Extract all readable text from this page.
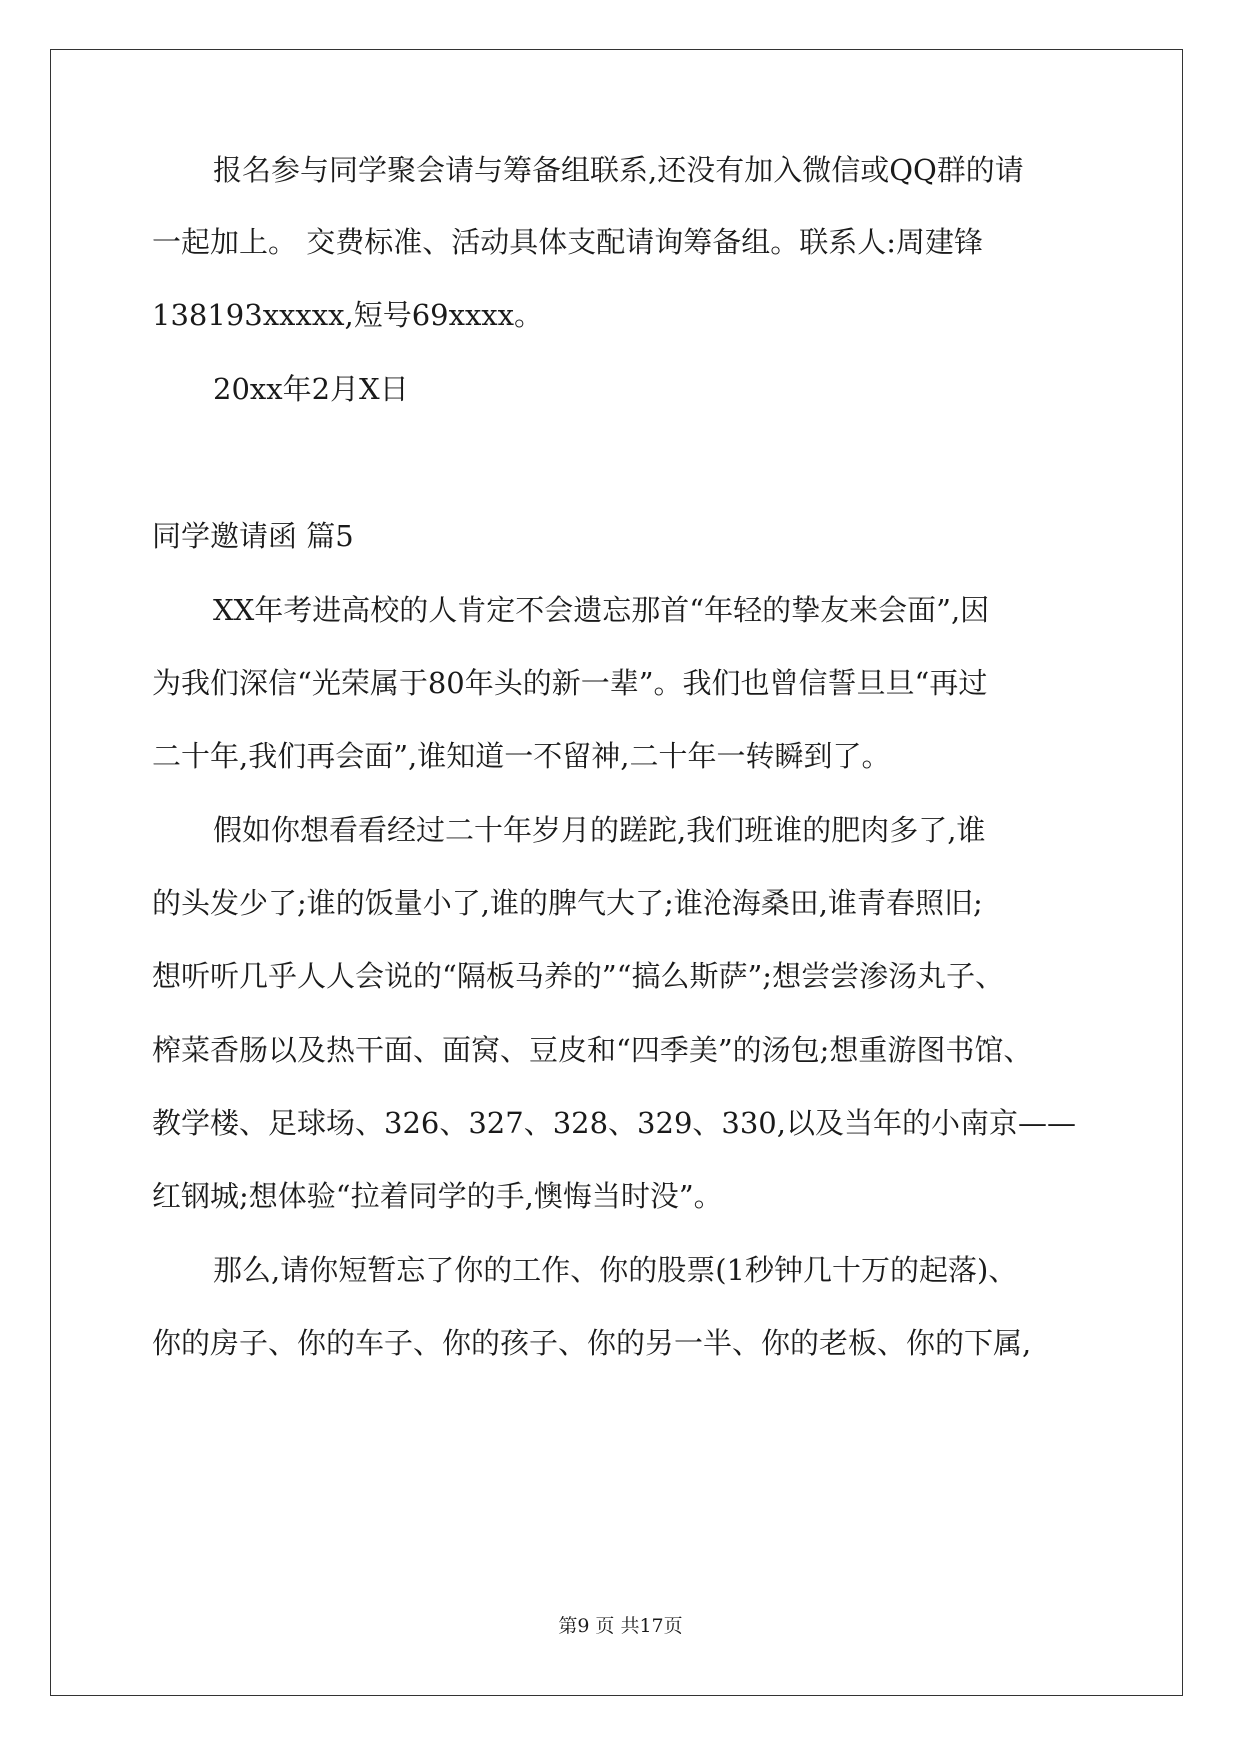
报名参与同学聚会请与筹备组联系,还没有加入微信或QQ群的请
一起加上。 交费标准、活动具体支配请询筹备组。联系人:周建锋
138193xxxxx,短号69xxxx。
20xx年2月X日
同学邀请函 篇5
XX年考进高校的人肯定不会遗忘那首“年轻的挚友来会面”,因
为我们深信“光荣属于80年头的新一辈”。我们也曾信誓旦旦“再过
二十年,我们再会面”,谁知道一不留神,二十年一转瞬到了。
假如你想看看经过二十年岁月的蹉跎,我们班谁的肥肉多了,谁
的头发少了;谁的饭量小了,谁的脾气大了;谁沧海桑田,谁青春照旧;
想听听几乎人人会说的“隔板马养的”“搞么斯萨”;想尝尝渗汤丸子、
榨菜香肠以及热干面、面窝、豆皮和“四季美”的汤包;想重游图书馆、
教学楼、足球场、326、327、328、329、330,以及当年的小南京——
红钢城;想体验“拉着同学的手,懊悔当时没”。
那么,请你短暂忘了你的工作、你的股票(1秒钟几十万的起落)、
你的房子、你的车子、你的孩子、你的另一半、你的老板、你的下属,
第9 页 共17页
